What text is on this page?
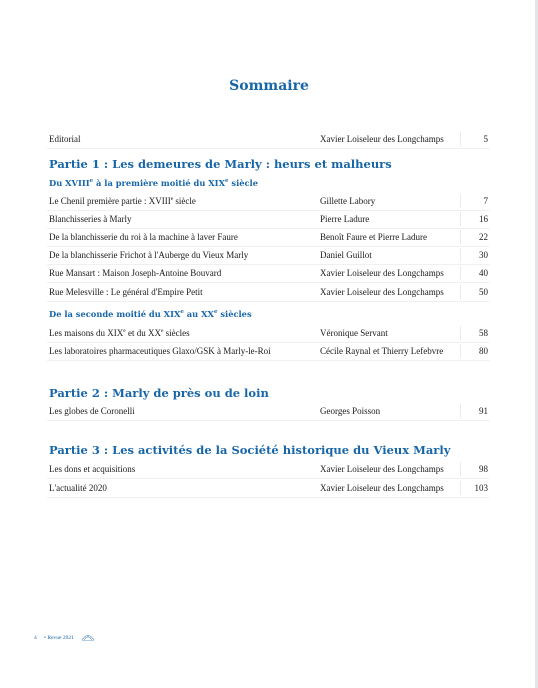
Sommaire
Editorial	Xavier Loiseleur des Longchamps	5
Partie 1 : Les demeures de Marly : heurs et malheurs
Du XVIIIe à la première moitié du XIXe siècle
Le Chenil première partie : XVIIIe siècle	Gillette Labory	7
Blanchisseries à Marly	Pierre Ladure	16
De la blanchisserie du roi à la machine à laver Faure	Benoît Faure et Pierre Ladure	22
De la blanchisserie Frichot à l'Auberge du Vieux Marly	Daniel Guillot	30
Rue Mansart : Maison Joseph-Antoine Bouvard	Xavier Loiseleur des Longchamps	40
Rue Melesville : Le général d'Empire Petit	Xavier Loiseleur des Longchamps	50
De la seconde moitié du XIXe au XXe siècles
Les maisons du XIXe et du XXe siècles	Véronique Servant	58
Les laboratoires pharmaceutiques Glaxo/GSK à Marly-le-Roi	Cécile Raynal et Thierry Lefebvre	80
Partie 2 : Marly de près ou de loin
Les globes de Coronelli	Georges Poisson	91
Partie 3 : Les activités de la Société historique du Vieux Marly
Les dons et acquisitions	Xavier Loiseleur des Longchamps	98
L'actualité 2020	Xavier Loiseleur des Longchamps	103
4 • Revue 2021
